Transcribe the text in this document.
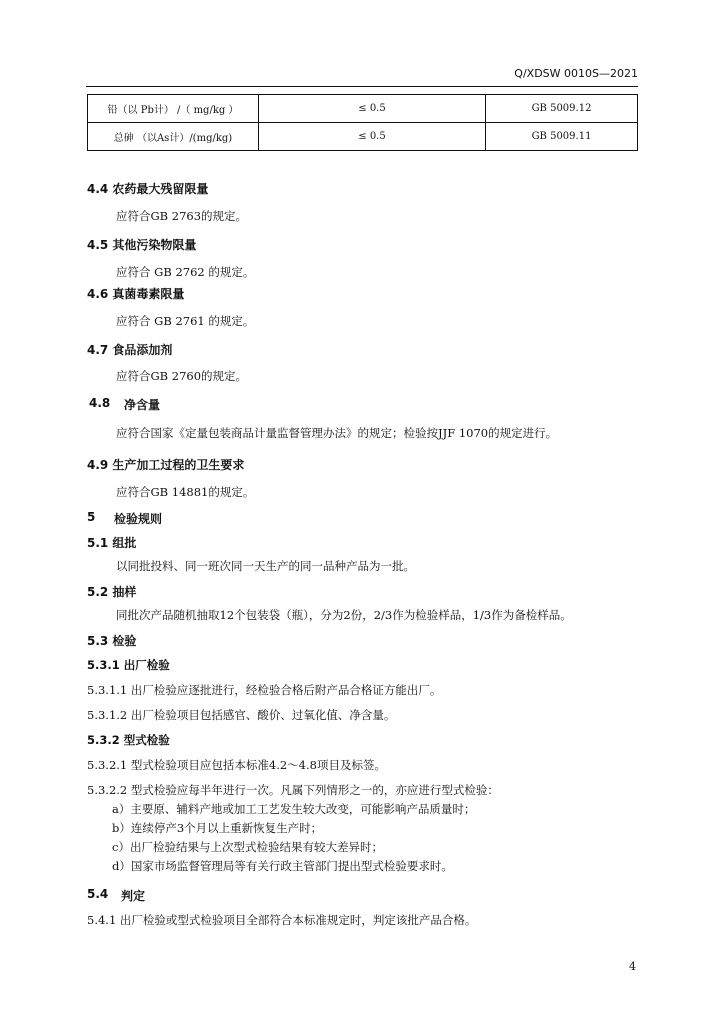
Q/XDSW 0010S—2021
铅（以 Pb计） /（ mg/kg ）	≤ 0.5	GB 5009.12
总砷 （以As计）/(mg/kg)	≤ 0.5	GB 5009.11
4.4 农药最大残留限量
应符合GB 2763的规定。
4.5 其他污染物限量
应符合 GB 2762 的规定。
4.6 真菌毒素限量
应符合 GB 2761 的规定。
4.7 食品添加剂
应符合GB 2760的规定。
4.8 净含量
应符合国家《定量包装商品计量监督管理办法》的规定；检验按JJF 1070的规定进行。
4.9 生产加工过程的卫生要求
应符合GB 14881的规定。
5 检验规则
5.1 组批
以同批投料、同一班次同一天生产的同一品种产品为一批。
5.2 抽样
同批次产品随机抽取12个包装袋（瓶），分为2份，2/3作为检验样品，1/3作为备检样品。
5.3 检验
5.3.1 出厂检验
5.3.1.1 出厂检验应逐批进行，经检验合格后附产品合格证方能出厂。
5.3.1.2 出厂检验项目包括感官、酸价、过氧化值、净含量。
5.3.2 型式检验
5.3.2.1 型式检验项目应包括本标准4.2～4.8项目及标签。
5.3.2.2 型式检验应每半年进行一次。凡属下列情形之一的，亦应进行型式检验：
a）主要原、辅料产地或加工工艺发生较大改变，可能影响产品质量时；
b）连续停产3个月以上重新恢复生产时；
c）出厂检验结果与上次型式检验结果有较大差异时；
d）国家市场监督管理局等有关行政主管部门提出型式检验要求时。
5.4 判定
5.4.1 出厂检验或型式检验项目全部符合本标准规定时，判定该批产品合格。
4
